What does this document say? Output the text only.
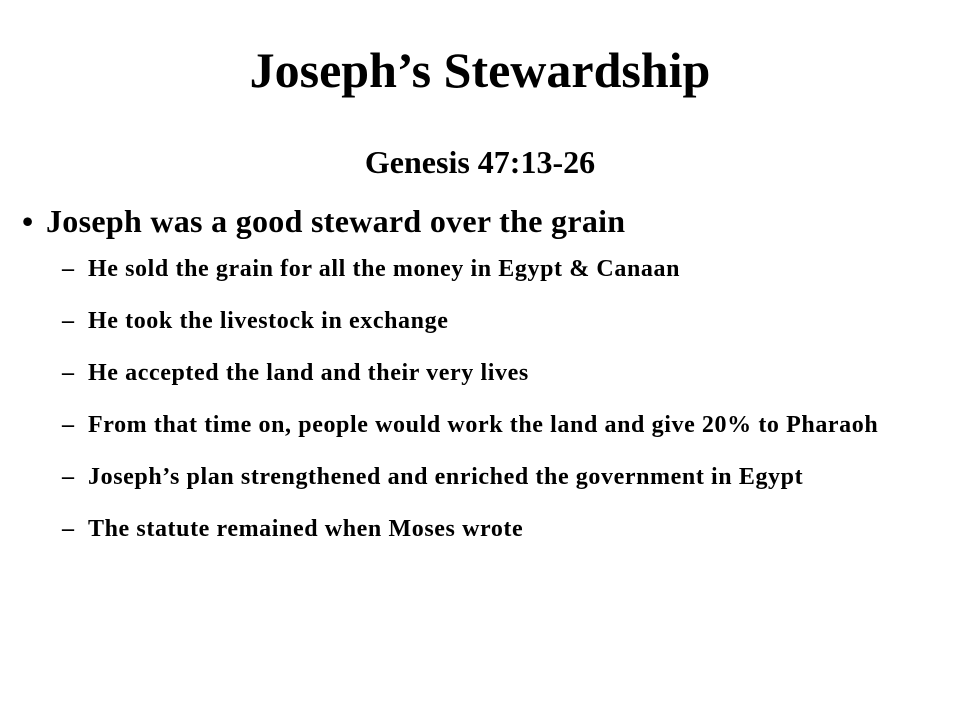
Joseph’s Stewardship
Genesis 47:13-26
• Joseph was a good steward over the grain
– He sold the grain for all the money in Egypt & Canaan
– He took the livestock in exchange
– He accepted the land and their very lives
– From that time on, people would work the land and give 20% to Pharaoh
– Joseph’s plan strengthened and enriched the government in Egypt
– The statute remained when Moses wrote
